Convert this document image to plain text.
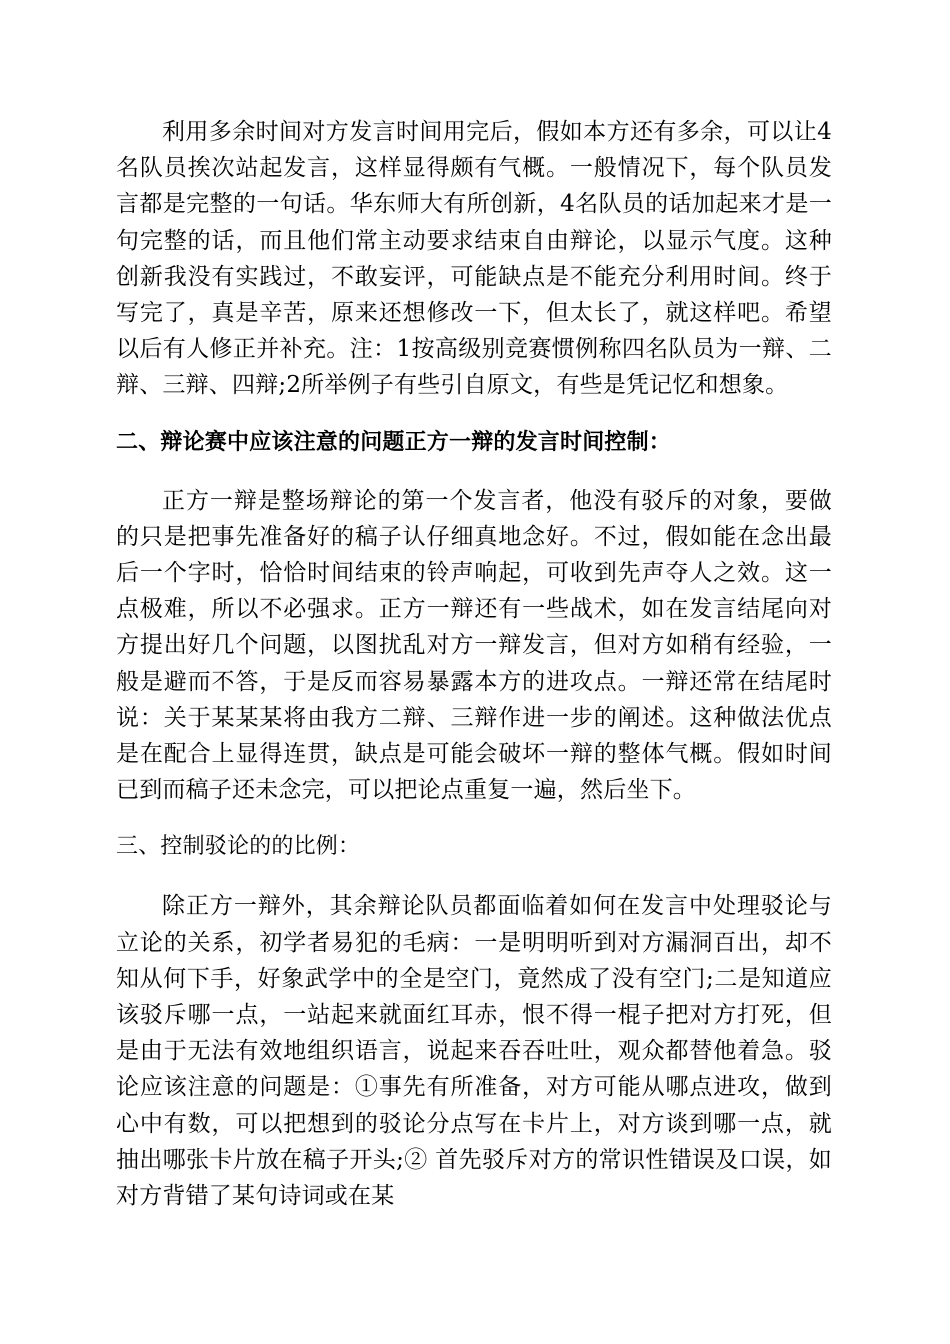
利用多余时间对方发言时间用完后，假如本方还有多余，可以让4名队员挨次站起发言，这样显得颇有气概。一般情况下，每个队员发言都是完整的一句话。华东师大有所创新，4名队员的话加起来才是一句完整的话，而且他们常主动要求结束自由辩论，以显示气度。这种创新我没有实践过，不敢妄评，可能缺点是不能充分利用时间。终于写完了，真是辛苦，原来还想修改一下，但太长了，就这样吧。希望以后有人修正并补充。注：1按高级别竞赛惯例称四名队员为一辩、二辩、三辩、四辩;2所举例子有些引自原文，有些是凭记忆和想象。

二、辩论赛中应该注意的问题正方一辩的发言时间控制：

正方一辩是整场辩论的第一个发言者，他没有驳斥的对象，要做的只是把事先准备好的稿子认仔细真地念好。不过，假如能在念出最后一个字时，恰恰时间结束的铃声响起，可收到先声夺人之效。这一点极难，所以不必强求。正方一辩还有一些战术，如在发言结尾向对方提出好几个问题，以图扰乱对方一辩发言，但对方如稍有经验，一般是避而不答，于是反而容易暴露本方的进攻点。一辩还常在结尾时说：关于某某某将由我方二辩、三辩作进一步的阐述。这种做法优点是在配合上显得连贯，缺点是可能会破坏一辩的整体气概。假如时间已到而稿子还未念完，可以把论点重复一遍，然后坐下。

三、控制驳论的的比例：

除正方一辩外，其余辩论队员都面临着如何在发言中处理驳论与立论的关系，初学者易犯的毛病：一是明明听到对方漏洞百出，却不知从何下手，好象武学中的全是空门，竟然成了没有空门;二是知道应该驳斥哪一点，一站起来就面红耳赤，恨不得一棍子把对方打死，但是由于无法有效地组织语言，说起来吞吞吐吐，观众都替他着急。驳论应该注意的问题是：①事先有所准备，对方可能从哪点进攻，做到心中有数，可以把想到的驳论分点写在卡片上，对方谈到哪一点，就抽出哪张卡片放在稿子开头;② 首先驳斥对方的常识性错误及口误，如对方背错了某句诗词或在某
